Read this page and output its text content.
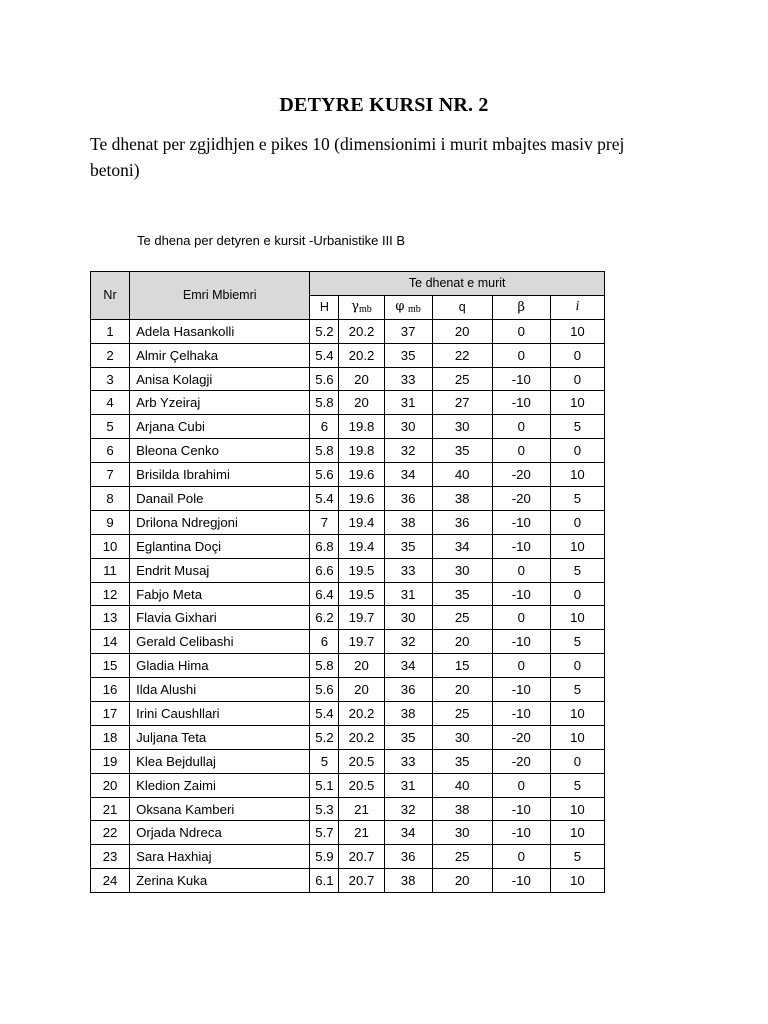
DETYRE KURSI NR. 2
Te dhenat per zgjidhjen e pikes 10 (dimensionimi i murit mbajtes masiv prej betoni)
Te dhena per detyren e kursit -Urbanistike III B
Nr	Emri Mbiemri	Te dhenat e murit					
		H	$\gamma_{mb}$	φ $_{mb}$	q	β	i
1	Adela Hasankolli	5.2	20.2	37	20	0	10
2	Almir Çelhaka	5.4	20.2	35	22	0	0
3	Anisa Kolagji	5.6	20	33	25	-10	0
4	Arb Yzeiraj	5.8	20	31	27	-10	10
5	Arjana Cubi	6	19.8	30	30	0	5
6	Bleona Cenko	5.8	19.8	32	35	0	0
7	Brisilda Ibrahimi	5.6	19.6	34	40	-20	10
8	Danail Pole	5.4	19.6	36	38	-20	5
9	Drilona Ndregjoni	7	19.4	38	36	-10	0
10	Eglantina Doçi	6.8	19.4	35	34	-10	10
11	Endrit Musaj	6.6	19.5	33	30	0	5
12	Fabjo Meta	6.4	19.5	31	35	-10	0
13	Flavia Gixhari	6.2	19.7	30	25	0	10
14	Gerald Celibashi	6	19.7	32	20	-10	5
15	Gladia Hima	5.8	20	34	15	0	0
16	Ilda Alushi	5.6	20	36	20	-10	5
17	Irini Caushllari	5.4	20.2	38	25	-10	10
18	Juljana Teta	5.2	20.2	35	30	-20	10
19	Klea Bejdullaj	5	20.5	33	35	-20	0
20	Kledion Zaimi	5.1	20.5	31	40	0	5
21	Oksana Kamberi	5.3	21	32	38	-10	10
22	Orjada Ndreca	5.7	21	34	30	-10	10
23	Sara Haxhiaj	5.9	20.7	36	25	0	5
24	Zerina Kuka	6.1	20.7	38	20	-10	10
